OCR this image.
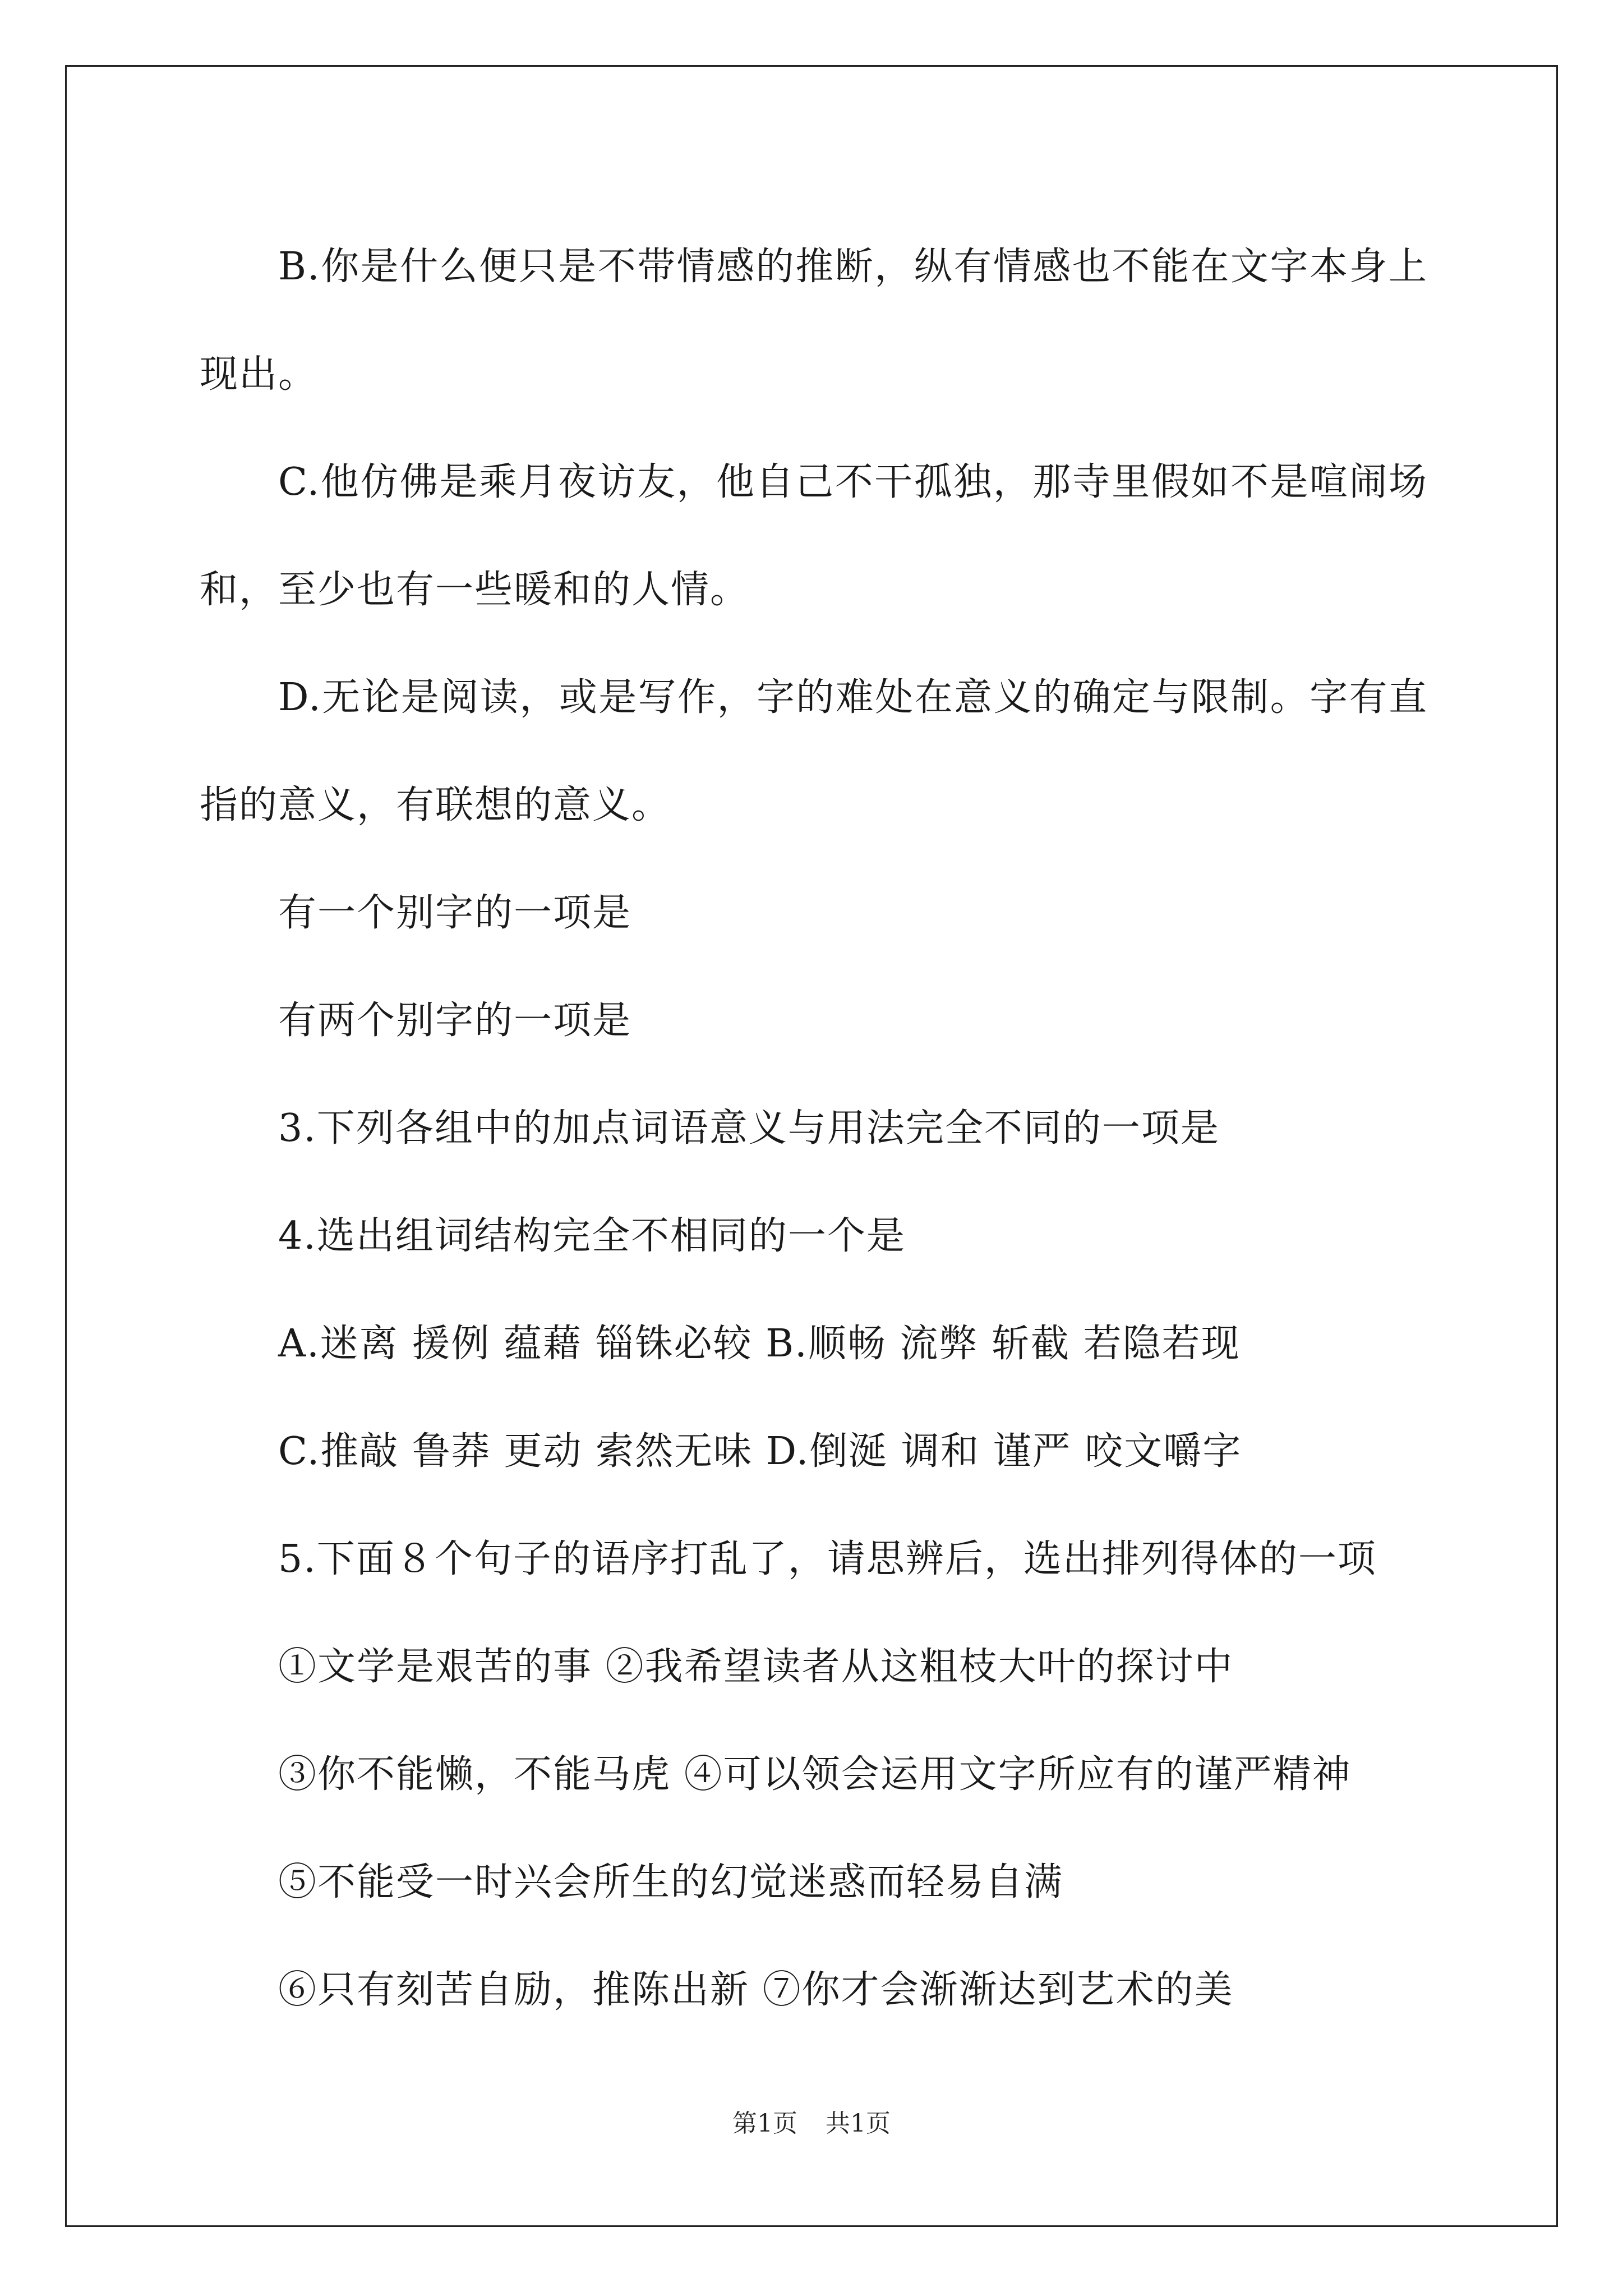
B.你是什么便只是不带情感的推断，纵有情感也不能在文字本身上现出。

C.他仿佛是乘月夜访友，他自己不干孤独，那寺里假如不是喧闹场和，至少也有一些暖和的人情。

D.无论是阅读，或是写作，字的难处在意义的确定与限制。字有直指的意义，有联想的意义。

有一个别字的一项是

有两个别字的一项是

3.下列各组中的加点词语意义与用法完全不同的一项是

4.选出组词结构完全不相同的一个是

A.迷离 援例 蕴藉 锱铢必较 B.顺畅 流弊 斩截 若隐若现

C.推敲 鲁莽 更动 索然无味 D.倒涎 调和 谨严 咬文嚼字

5.下面８个句子的语序打乱了，请思辨后，选出排列得体的一项

①文学是艰苦的事 ②我希望读者从这粗枝大叶的探讨中

③你不能懒，不能马虎 ④可以领会运用文字所应有的谨严精神

⑤不能受一时兴会所生的幻觉迷惑而轻易自满

⑥只有刻苦自励，推陈出新 ⑦你才会渐渐达到艺术的美

第1页 共1页
